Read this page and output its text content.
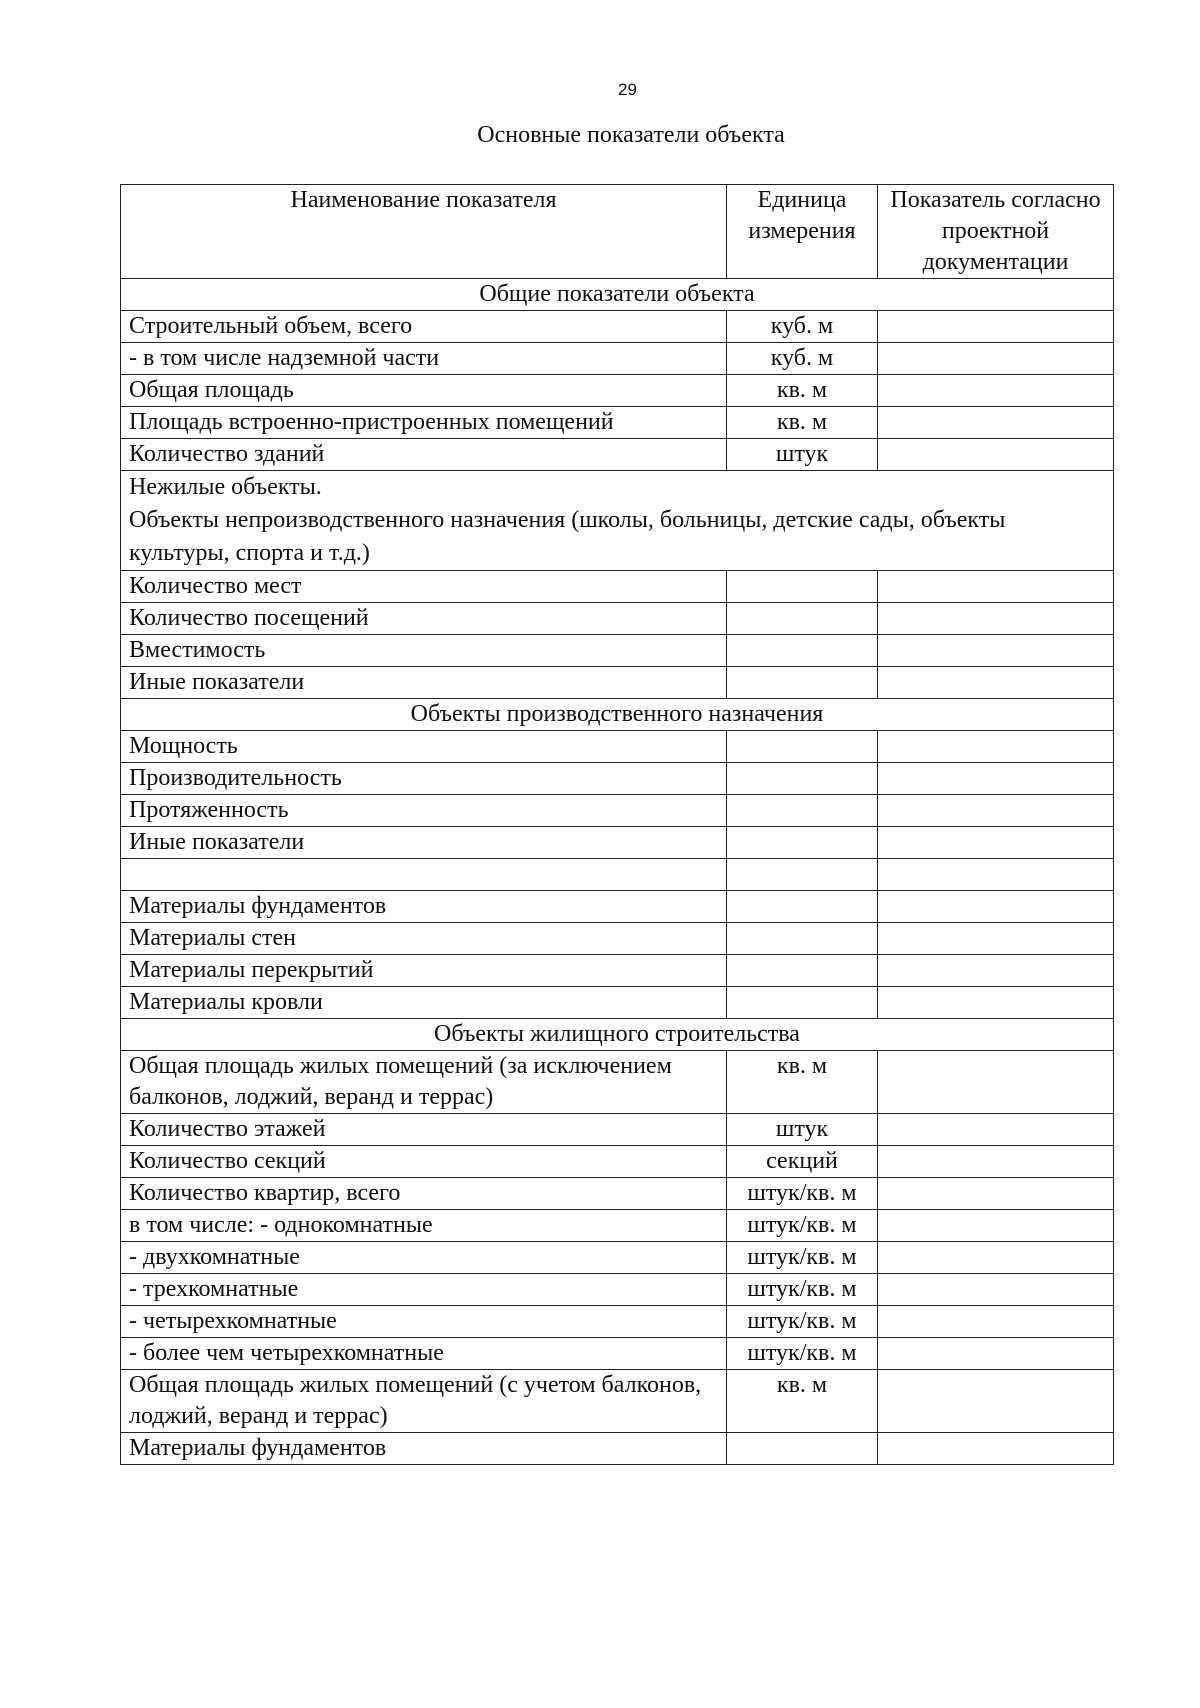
29
Основные показатели объекта
Наименование показателя	Единица измерения	Показатель согласно проектной документации
Общие показатели объекта		
Строительный объем, всего	куб. м	
- в том числе надземной части	куб. м	
Общая площадь	кв. м	
Площадь встроенно-пристроенных помещений	кв. м	
Количество зданий	штук	

Нежилые объекты.
Объекты непроизводственного назначения (школы, больницы, детские сады, объекты культуры, спорта и т.д.)		

Количество мест		
Количество посещений		
Вместимость		
Иные показатели		
Объекты производственного назначения		
Мощность		
Производительность		
Протяженность		
Иные показатели		

Материалы фундаментов		
Материалы стен		
Материалы перекрытий		
Материалы кровли		
Объекты жилищного строительства		
Общая площадь жилых помещений (за исключением балконов, лоджий, веранд и террас)	кв. м	
Количество этажей	штук	
Количество секций	секций	
Количество квартир, всего	штук/кв. м	
в том числе: - однокомнатные	штук/кв. м	
- двухкомнатные	штук/кв. м	
- трехкомнатные	штук/кв. м	
- четырехкомнатные	штук/кв. м	
- более чем четырехкомнатные	штук/кв. м	
Общая площадь жилых помещений (с учетом балконов, лоджий, веранд и террас)	кв. м	
Материалы фундаментов		
